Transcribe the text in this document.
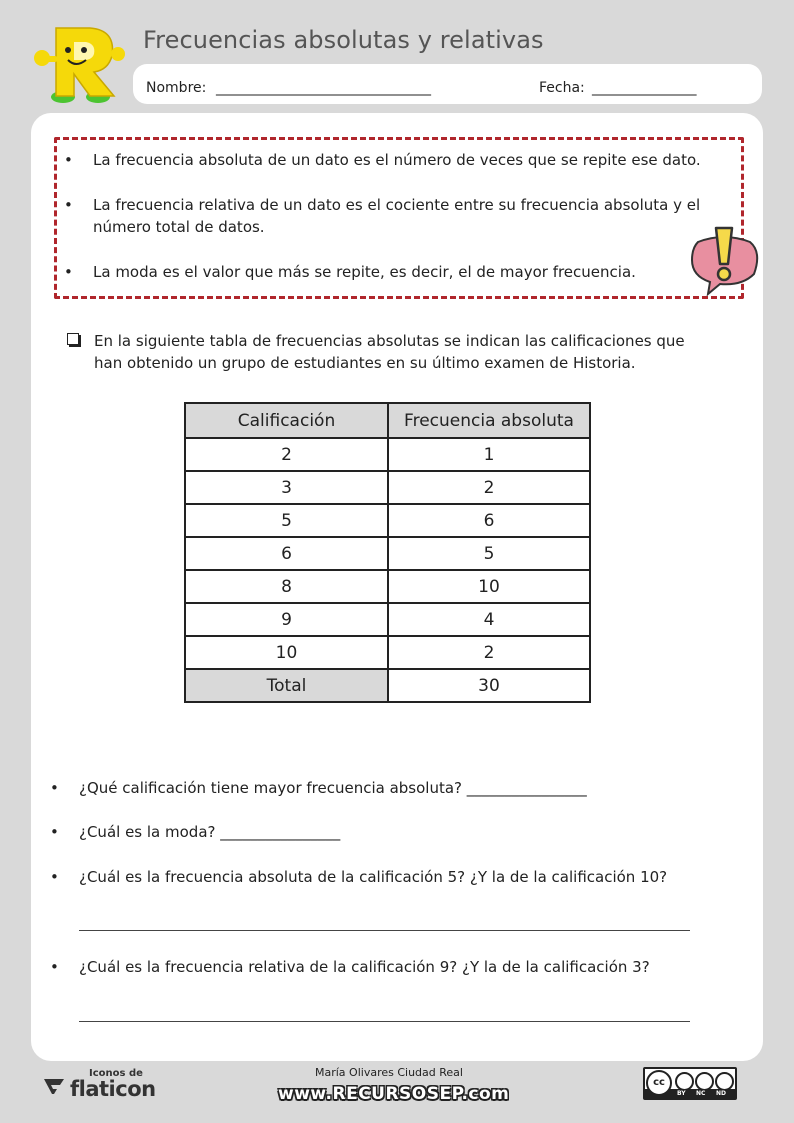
Frecuencias absolutas y relativas
Nombre: _________________________________	Fecha: ________________
• La frecuencia absoluta de un dato es el número de veces que se repite ese dato.
• La frecuencia relativa de un dato es el cociente entre su frecuencia absoluta y el
número total de datos.
• La moda es el valor que más se repite, es decir, el de mayor frecuencia.
En la siguiente tabla de frecuencias absolutas se indican las calificaciones que
han obtenido un grupo de estudiantes en su último examen de Historia.
Calificación	Frecuencia absoluta
2	1
3	2
5	6
6	5
8	10
9	4
10	2
Total	30
• ¿Qué calificación tiene mayor frecuencia absoluta? ________________
• ¿Cuál es la moda? ________________
• ¿Cuál es la frecuencia absoluta de la calificación 5? ¿Y la de la calificación 10?
• ¿Cuál es la frecuencia relativa de la calificación 9? ¿Y la de la calificación 3?
Iconos de
flaticon
María Olivares Ciudad Real
www.RECURSOSEP.com
cc
BY NC ND
